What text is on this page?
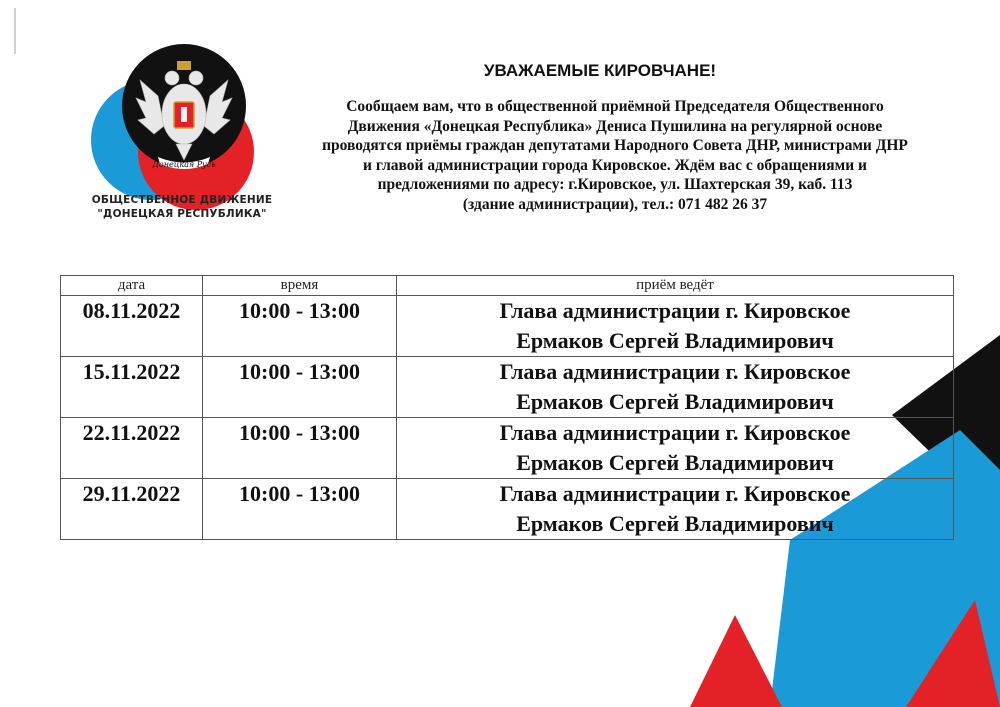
Донецкая Русь
ОБЩЕСТВЕННОЕ ДВИЖЕНИЕ
"ДОНЕЦКАЯ РЕСПУБЛИКА"
УВАЖАЕМЫЕ КИРОВЧАНЕ!
Сообщаем вам, что в общественной приёмной Председателя Общественного
Движения «Донецкая Республика» Дениса Пушилина на регулярной основе
проводятся приёмы граждан депутатами Народного Совета ДНР, министрами ДНР
и главой администрации города Кировское. Ждём вас с обращениями и
предложениями по адресу: г.Кировское, ул. Шахтерская 39, каб. 113
(здание администрации), тел.: 071 482 26 37
дата	время	приём ведёт
08.11.2022	10:00 - 13:00	Глава администрации г. Кировское
Ермаков Сергей Владимирович

15.11.2022	10:00 - 13:00	Глава администрации г. Кировское
Ермаков Сергей Владимирович

22.11.2022	10:00 - 13:00	Глава администрации г. Кировское
Ермаков Сергей Владимирович

29.11.2022	10:00 - 13:00	Глава администрации г. Кировское
Ермаков Сергей Владимирович
